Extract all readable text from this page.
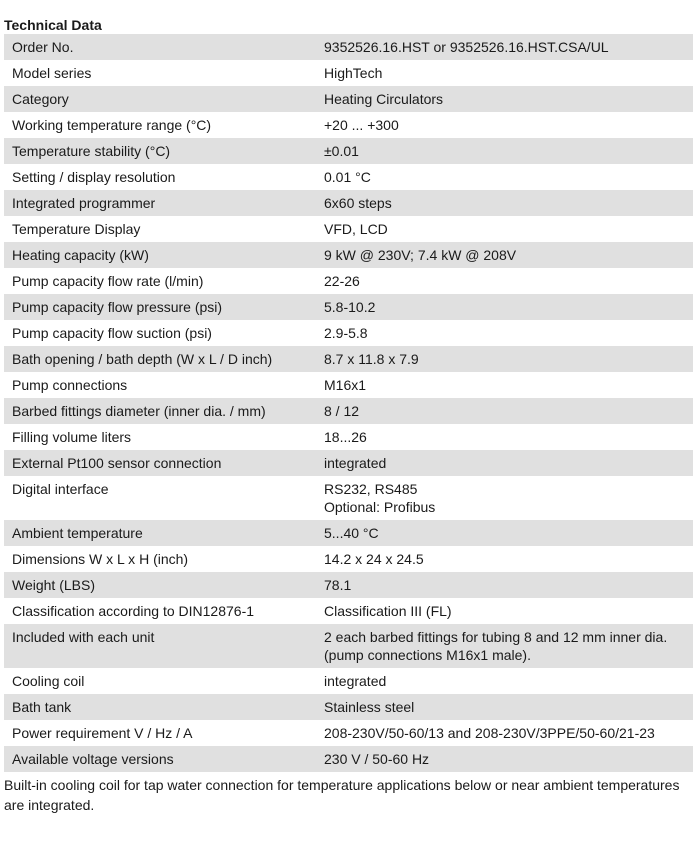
Technical Data
Order No.	9352526.16.HST or 9352526.16.HST.CSA/UL

Model series	HighTech

Category	Heating Circulators

Working temperature range (°C)	+20 ... +300

Temperature stability (°C)	±0.01

Setting / display resolution	0.01 °C

Integrated programmer	6x60 steps

Temperature Display	VFD, LCD

Heating capacity (kW)	9 kW @ 230V; 7.4 kW @ 208V

Pump capacity flow rate (l/min)	22-26

Pump capacity flow pressure (psi)	5.8-10.2

Pump capacity flow suction (psi)	2.9-5.8

Bath opening / bath depth (W x L / D inch)	8.7 x 11.8 x 7.9

Pump connections	M16x1

Barbed fittings diameter (inner dia. / mm)	8 / 12

Filling volume liters	18...26

External Pt100 sensor connection	integrated

Digital interface	RS232, RS485
Optional: Profibus

Ambient temperature	5...40 °C

Dimensions W x L x H (inch)	14.2 x 24 x 24.5

Weight (LBS)	78.1

Classification according to DIN12876-1	Classification III (FL)

Included with each unit	2 each barbed fittings for tubing 8 and 12 mm inner dia.
(pump connections M16x1 male).

Cooling coil	integrated

Bath tank	Stainless steel

Power requirement V / Hz / A	208-230V/50-60/13 and 208-230V/3PPE/50-60/21-23

Available voltage versions	230 V / 50-60 Hz
Built-in cooling coil for tap water connection for temperature applications below or near ambient temperatures are integrated.
